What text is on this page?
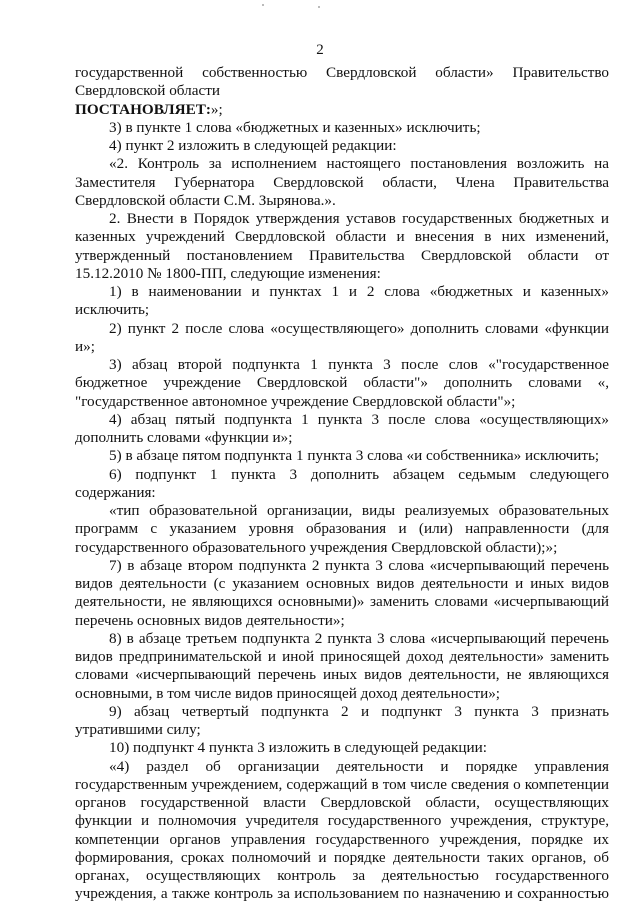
2

государственной собственностью Свердловской области» Правительство Свердловской области

ПОСТАНОВЛЯЕТ:»;

3) в пункте 1 слова «бюджетных и казенных» исключить;

4) пункт 2 изложить в следующей редакции:

«2. Контроль за исполнением настоящего постановления возложить на Заместителя Губернатора Свердловской области, Члена Правительства Свердловской области С.М. Зырянова.».

2. Внести в Порядок утверждения уставов государственных бюджетных и казенных учреждений Свердловской области и внесения в них изменений, утвержденный постановлением Правительства Свердловской области от 15.12.2010 № 1800-ПП, следующие изменения:

1) в наименовании и пунктах 1 и 2 слова «бюджетных и казенных» исключить;

2) пункт 2 после слова «осуществляющего» дополнить словами «функции и»;

3) абзац второй подпункта 1 пункта 3 после слов «"государственное бюджетное учреждение Свердловской области"» дополнить словами «, "государственное автономное учреждение Свердловской области"»;

4) абзац пятый подпункта 1 пункта 3 после слова «осуществляющих» дополнить словами «функции и»;

5) в абзаце пятом подпункта 1 пункта 3 слова «и собственника» исключить;

6) подпункт 1 пункта 3 дополнить абзацем седьмым следующего содержания:

«тип образовательной организации, виды реализуемых образовательных программ с указанием уровня образования и (или) направленности (для государственного образовательного учреждения Свердловской области);»;

7) в абзаце втором подпункта 2 пункта 3 слова «исчерпывающий перечень видов деятельности (с указанием основных видов деятельности и иных видов деятельности, не являющихся основными)» заменить словами «исчерпывающий перечень основных видов деятельности»;

8) в абзаце третьем подпункта 2 пункта 3 слова «исчерпывающий перечень видов предпринимательской и иной приносящей доход деятельности» заменить словами «исчерпывающий перечень иных видов деятельности, не являющихся основными, в том числе видов приносящей доход деятельности»;

9) абзац четвертый подпункта 2 и подпункт 3 пункта 3 признать утратившими силу;

10) подпункт 4 пункта 3 изложить в следующей редакции:

«4) раздел об организации деятельности и порядке управления государственным учреждением, содержащий в том числе сведения о компетенции органов государственной власти Свердловской области, осуществляющих функции и полномочия учредителя государственного учреждения, структуре, компетенции органов управления государственного учреждения, порядке их формирования, сроках полномочий и порядке деятельности таких органов, об органах, осуществляющих контроль за деятельностью государственного учреждения, а также контроль за использованием по назначению и сохранностью
